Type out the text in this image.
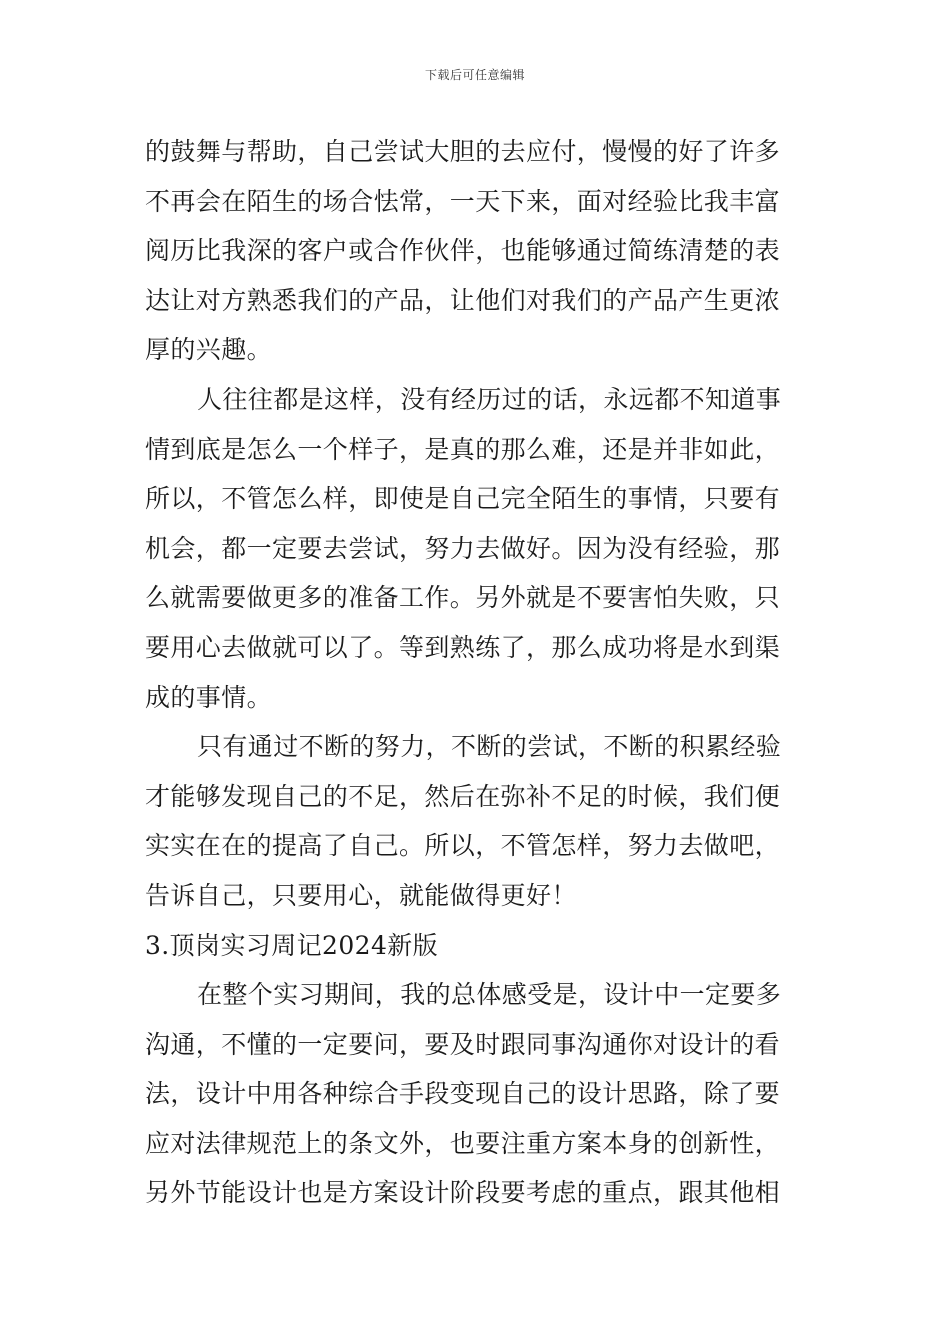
下载后可任意编辑
的鼓舞与帮助，自己尝试大胆的去应付，慢慢的好了许多
不再会在陌生的场合怯常，一天下来，面对经验比我丰富
阅历比我深的客户或合作伙伴，也能够通过简练清楚的表
达让对方熟悉我们的产品，让他们对我们的产品产生更浓
厚的兴趣。
人往往都是这样，没有经历过的话，永远都不知道事
情到底是怎么一个样子，是真的那么难，还是并非如此，
所以，不管怎么样，即使是自己完全陌生的事情，只要有
机会，都一定要去尝试，努力去做好。因为没有经验，那
么就需要做更多的准备工作。另外就是不要害怕失败，只
要用心去做就可以了。等到熟练了，那么成功将是水到渠
成的事情。
只有通过不断的努力，不断的尝试，不断的积累经验
才能够发现自己的不足，然后在弥补不足的时候，我们便
实实在在的提高了自己。所以，不管怎样，努力去做吧，
告诉自己，只要用心，就能做得更好！
3.顶岗实习周记2024新版
在整个实习期间，我的总体感受是，设计中一定要多
沟通，不懂的一定要问，要及时跟同事沟通你对设计的看
法，设计中用各种综合手段变现自己的设计思路，除了要
应对法律规范上的条文外，也要注重方案本身的创新性，
另外节能设计也是方案设计阶段要考虑的重点，跟其他相
